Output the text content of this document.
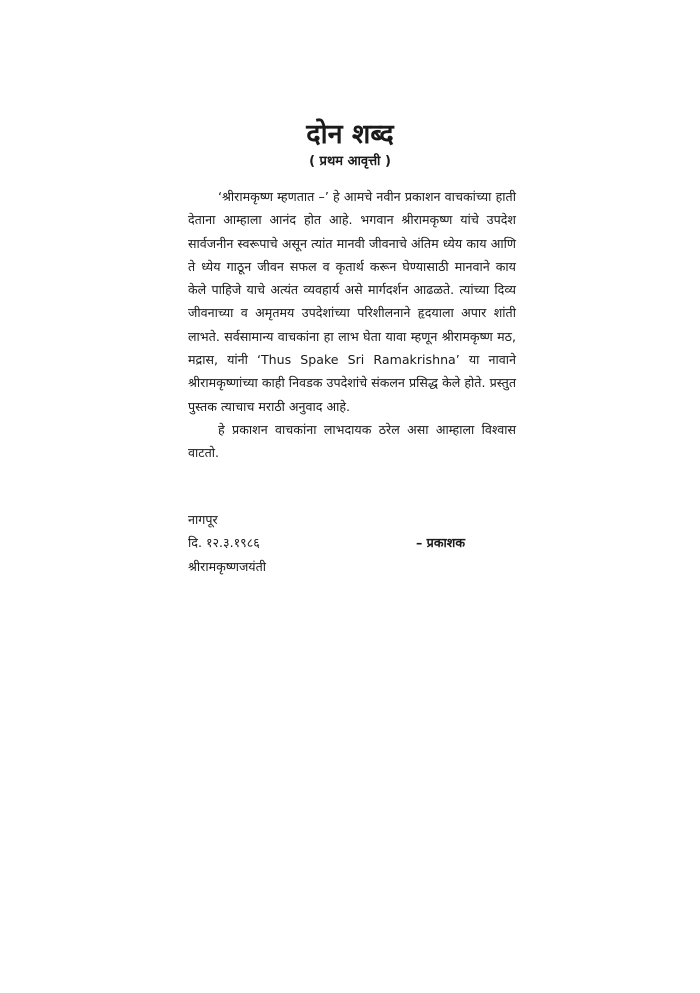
दोन शब्द
( प्रथम आवृत्ती )

‘श्रीरामकृष्ण म्हणतात –’ हे आमचे नवीन प्रकाशन वाचकांच्या हाती देताना आम्हाला आनंद होत आहे. भगवान श्रीरामकृष्ण यांचे उपदेश सार्वजनीन स्वरूपाचे असून त्यांत मानवी जीवनाचे अंतिम ध्येय काय आणि ते ध्येय गाठून जीवन सफल व कृतार्थ करून घेण्यासाठी मानवाने काय केले पाहिजे याचे अत्यंत व्यवहार्य असे मार्गदर्शन आढळते. त्यांच्या दिव्य जीवनाच्या व अमृतमय उपदेशांच्या परिशीलनाने हृदयाला अपार शांती लाभते. सर्वसामान्य वाचकांना हा लाभ घेता यावा म्हणून श्रीरामकृष्ण मठ, मद्रास, यांनी ‘Thus Spake Sri Ramakrishna’ या नावाने श्रीरामकृष्णांच्या काही निवडक उपदेशांचे संकलन प्रसिद्ध केले होते. प्रस्तुत पुस्तक त्याचाच मराठी अनुवाद आहे.

हे प्रकाशन वाचकांना लाभदायक ठरेल असा आम्हाला विश्वास वाटतो.

नागपूर
दि. १२.३.१९८६	– प्रकाशक
श्रीरामकृष्णजयंती
